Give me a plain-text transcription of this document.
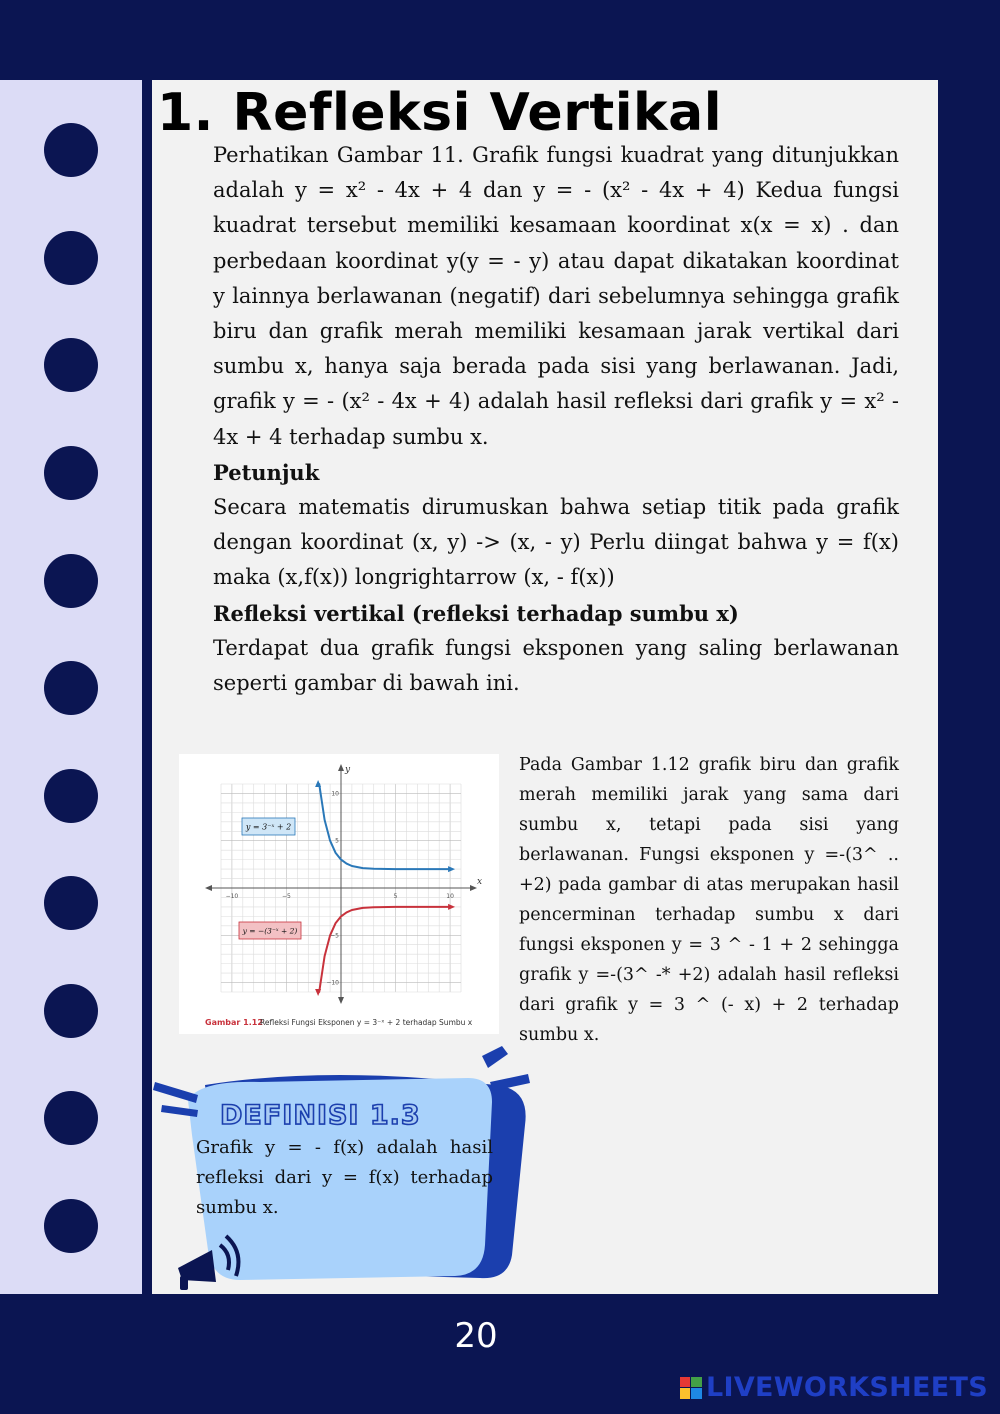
1. Refleksi Vertikal

Perhatikan Gambar 11. Grafik fungsi kuadrat yang ditunjukkan adalah y = x² - 4x + 4 dan y = - (x² - 4x + 4) Kedua fungsi kuadrat tersebut memiliki kesamaan koordinat x(x = x) . dan perbedaan koordinat y(y = - y) atau dapat dikatakan koordinat y lainnya berlawanan (negatif) dari sebelumnya sehingga grafik biru dan grafik merah memiliki kesamaan jarak vertikal dari sumbu x, hanya saja berada pada sisi yang berlawanan. Jadi, grafik y = - (x² - 4x + 4) adalah hasil refleksi dari grafik y = x² - 4x + 4 terhadap sumbu x.

Petunjuk

Secara matematis dirumuskan bahwa setiap titik pada grafik dengan koordinat (x, y) -> (x, - y) Perlu diingat bahwa y = f(x) maka (x,f(x)) longrightarrow (x, - f(x))

Refleksi vertikal (refleksi terhadap sumbu x)

Terdapat dua grafik fungsi eksponen yang saling berlawanan seperti gambar di bawah ini.

x
y
−10	−5	5	10
10
5
−5
−10
y = 3⁻ˣ + 2
y = −(3⁻ˣ + 2)
Gambar 1.12
Refleksi Fungsi Eksponen y = 3⁻ˣ + 2 terhadap Sumbu x

Pada Gambar 1.12 grafik biru dan grafik merah memiliki jarak yang sama dari sumbu x, tetapi pada sisi yang berlawanan. Fungsi eksponen y =-(3^ .. +2) pada gambar di atas merupakan hasil pencerminan terhadap sumbu x dari fungsi eksponen y = 3 ^ - 1 + 2 sehingga grafik y =-(3^ -* +2) adalah hasil refleksi dari grafik y = 3 ^ (- x) + 2 terhadap sumbu x.

DEFINISI 1.3

Grafik y = - f(x) adalah hasil refleksi dari y = f(x) terhadap sumbu x.

20
LIVEWORKSHEETS
